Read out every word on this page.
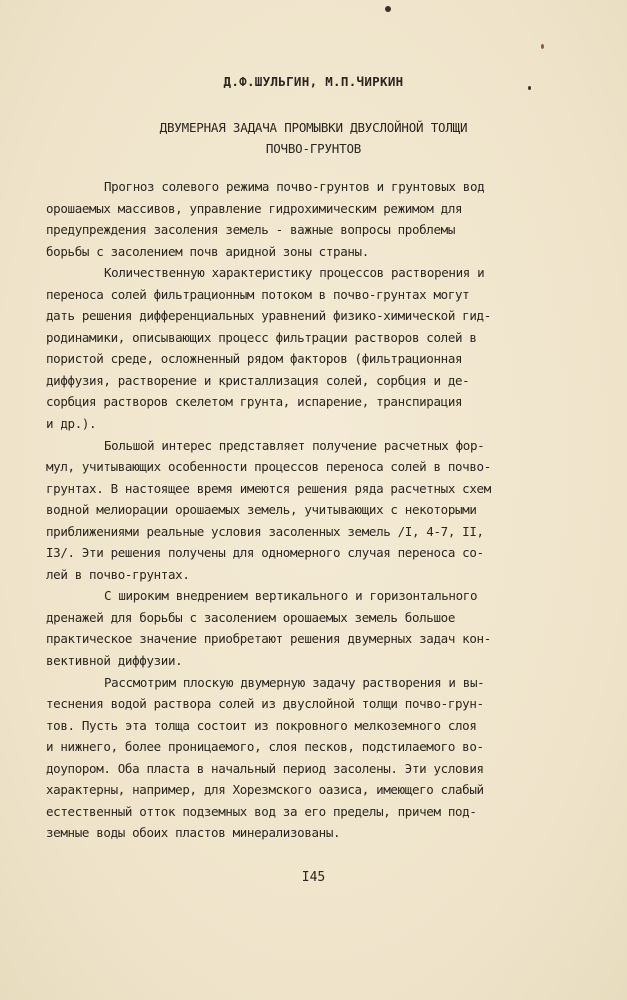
Д.Ф.ШУЛЬГИН, М.П.ЧИРКИН
ДВУМЕРНАЯ ЗАДАЧА ПРОМЫВКИ ДВУСЛОЙНОЙ ТОЛЩИ
ПОЧВО-ГРУНТОВ
Прогноз солевого режима почво-грунтов и грунтовых вод
орошаемых массивов, управление гидрохимическим режимом для
предупреждения засоления земель - важные вопросы проблемы
борьбы с засолением почв аридной зоны страны.
Количественную характеристику процессов растворения и
переноса солей фильтрационным потоком в почво-грунтах могут
дать решения дифференциальных уравнений физико-химической гид-
родинамики, описывающих процесс фильтрации растворов солей в
пористой среде, осложненный рядом факторов (фильтрационная
диффузия, растворение и кристаллизация солей, сорбция и де-
сорбция растворов скелетом грунта, испарение, транспирация
и др.).
Большой интерес представляет получение расчетных фор-
мул, учитывающих особенности процессов переноса солей в почво-
грунтах. В настоящее время имеются решения ряда расчетных схем
водной мелиорации орошаемых земель, учитывающих с некоторыми
приближениями реальные условия засоленных земель /I, 4-7, II,
I3/. Эти решения получены для одномерного случая переноса со-
лей в почво-грунтах.
С широким внедрением вертикального и горизонтального
дренажей для борьбы с засолением орошаемых земель большое
практическое значение приобретают решения двумерных задач кон-
вективной диффузии.
Рассмотрим плоскую двумерную задачу растворения и вы-
теснения водой раствора солей из двуслойной толщи почво-грун-
тов. Пусть эта толща состоит из покровного мелкоземного слоя
и нижнего, более проницаемого, слоя песков, подстилаемого во-
доупором. Оба пласта в начальный период засолены. Эти условия
характерны, например, для Хорезмского оазиса, имеющего слабый
естественный отток подземных вод за его пределы, причем под-
земные воды обоих пластов минерализованы.
I45
